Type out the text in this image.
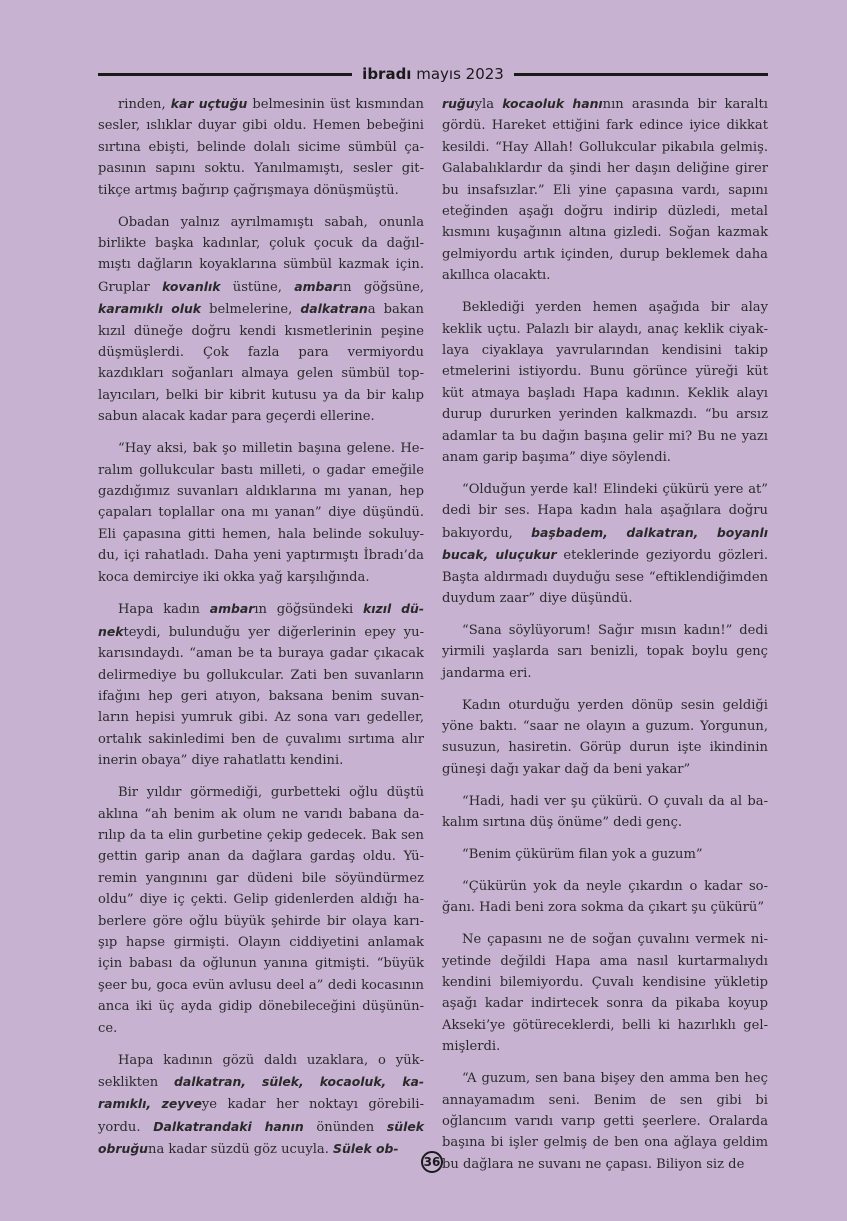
ibradı mayıs 2023

rinden, kar uçtuğu belmesinin üst kısmından sesler, ıslıklar duyar gibi oldu. Hemen bebeğini sırtına ebişti, belinde dolalı sicime sümbül çapasının sapını soktu. Yanılmamıştı, sesler gittikçe artmış bağırıp çağrışmaya dönüşmüştü.

Obadan yalnız ayrılmamıştı sabah, onunla birlikte başka kadınlar, çoluk çocuk da dağılmıştı dağların koyaklarına sümbül kazmak için. Gruplar kovanlık üstüne, ambarın göğsüne, karamıklı oluk belmelerine, dalkatrana bakan kızıl düneğe doğru kendi kısmetlerinin peşine düşmüşlerdi. Çok fazla para vermiyordu kazdıkları soğanları almaya gelen sümbül toplayıcıları, belki bir kibrit kutusu ya da bir kalıp sabun alacak kadar para geçerdi ellerine.

“Hay aksi, bak şo milletin başına gelene. Heralım gollukcular bastı milleti, o gadar emeğile gazdığımız suvanları aldıklarına mı yanan, hep çapaları toplallar ona mı yanan” diye düşündü. Eli çapasına gitti hemen, hala belinde sokuluydu, içi rahatladı. Daha yeni yaptırmıştı İbradı’da koca demirciye iki okka yağ karşılığında.

Hapa kadın ambarın göğsündeki kızıl dünekteydi, bulunduğu yer diğerlerinin epey yukarısındaydı. “aman be ta buraya gadar çıkacak delirmediye bu gollukcular. Zati ben suvanların ifağını hep geri atıyon, baksana benim suvanların hepisi yumruk gibi. Az sona varı gedeller, ortalık sakinledimi ben de çuvalımı sırtıma alır inerin obaya” diye rahatlattı kendini.

Bir yıldır görmediği, gurbetteki oğlu düştü aklına “ah benim ak olum ne varıdı babana darılıp da ta elin gurbetine çekip gedecek. Bak sen gettin garip anan da dağlara gardaş oldu. Yüremin yangınını gar düdeni bile söyündürmez oldu” diye iç çekti. Gelip gidenlerden aldığı haberlere göre oğlu büyük şehirde bir olaya karışıp hapse girmişti. Olayın ciddiyetini anlamak için babası da oğlunun yanına gitmişti. “büyük şeer bu, goca evün avlusu deel a” dedi kocasının anca iki üç ayda gidip dönebileceğini düşününce.

Hapa kadının gözü daldı uzaklara, o yükseklikten dalkatran, sülek, kocaoluk, karamıklı, zeyveye kadar her noktayı görebiliyordu. Dalkatrandaki hanın önünden sülek obruğuna kadar süzdü göz ucuyla. Sülek ob-

ruğuyla kocaoluk hanının arasında bir karaltı gördü. Hareket ettiğini fark edince iyice dikkat kesildi. “Hay Allah! Gollukcular pikabıla gelmiş. Galabalıklardır da şindi her daşın deliğine girer bu insafsızlar.” Eli yine çapasına vardı, sapını eteğinden aşağı doğru indirip düzledi, metal kısmını kuşağının altına gizledi. Soğan kazmak gelmiyordu artık içinden, durup beklemek daha akıllıca olacaktı.

Beklediği yerden hemen aşağıda bir alay keklik uçtu. Palazlı bir alaydı, anaç keklik ciyaklaya ciyaklaya yavrularından kendisini takip etmelerini istiyordu. Bunu görünce yüreği küt küt atmaya başladı Hapa kadının. Keklik alayı durup dururken yerinden kalkmazdı. “bu arsız adamlar ta bu dağın başına gelir mi? Bu ne yazı anam garip başıma” diye söylendi.

“Olduğun yerde kal! Elindeki çükürü yere at” dedi bir ses. Hapa kadın hala aşağılara doğru bakıyordu, başbadem, dalkatran, boyanlı bucak, uluçukur eteklerinde geziyordu gözleri. Başta aldırmadı duyduğu sese “eftiklendiğimden duydum zaar” diye düşündü.

“Sana söylüyorum! Sağır mısın kadın!” dedi yirmili yaşlarda sarı benizli, topak boylu genç jandarma eri.

Kadın oturduğu yerden dönüp sesin geldiği yöne baktı. “saar ne olayın a guzum. Yorgunun, susuzun, hasiretin. Görüp durun işte ikindinin güneşi dağı yakar dağ da beni yakar”

“Hadi, hadi ver şu çükürü. O çuvalı da al bakalım sırtına düş önüme” dedi genç.

“Benim çükürüm filan yok a guzum”

“Çükürün yok da neyle çıkardın o kadar soğanı. Hadi beni zora sokma da çıkart şu çükürü”

Ne çapasını ne de soğan çuvalını vermek niyetinde değildi Hapa ama nasıl kurtarmalıydı kendini bilemiyordu. Çuvalı kendisine yükletip aşağı kadar indirtecek sonra da pikaba koyup Akseki’ye götüreceklerdi, belli ki hazırlıklı gelmişlerdi.

“A guzum, sen bana bişey den amma ben heç annayamadım seni. Benim de sen gibi bi oğlancıım varıdı varıp getti şeerlere. Oralarda başına bi işler gelmiş de ben ona ağlaya geldim bu dağlara ne suvanı ne çapası. Biliyon siz de

36
